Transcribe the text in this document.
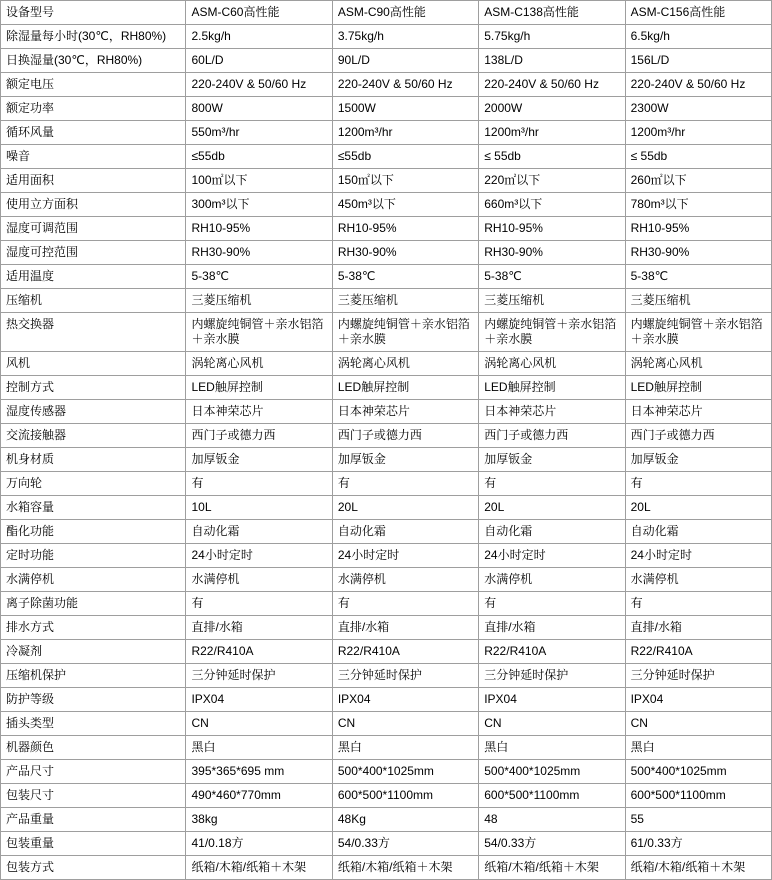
设备型号	ASM-C60高性能	ASM-C90高性能	ASM-C138高性能	ASM-C156高性能
除湿量每小时(30℃，RH80%)	2.5kg/h	3.75kg/h	5.75kg/h	6.5kg/h
日换湿量(30℃，RH80%)	60L/D	90L/D	138L/D	156L/D
额定电压	220-240V & 50/60 Hz	220-240V & 50/60 Hz	220-240V & 50/60 Hz	220-240V & 50/60 Hz
额定功率	800W	1500W	2000W	2300W
循环风量	550m³/hr	1200m³/hr	1200m³/hr	1200m³/hr
噪音	≤55db	≤55db	≤ 55db	≤ 55db
适用面积	100㎡以下	150㎡以下	220㎡以下	260㎡以下
使用立方面积	300m³以下	450m³以下	660m³以下	780m³以下
湿度可调范围	RH10-95%	RH10-95%	RH10-95%	RH10-95%
湿度可控范围	RH30-90%	RH30-90%	RH30-90%	RH30-90%
适用温度	5-38℃	5-38℃	5-38℃	5-38℃
压缩机	三菱压缩机	三菱压缩机	三菱压缩机	三菱压缩机
热交换器	内螺旋纯铜管＋亲水铝箔＋亲水膜	内螺旋纯铜管＋亲水铝箔＋亲水膜	内螺旋纯铜管＋亲水铝箔＋亲水膜	内螺旋纯铜管＋亲水铝箔＋亲水膜
风机	涡轮离心风机	涡轮离心风机	涡轮离心风机	涡轮离心风机
控制方式	LED触屏控制	LED触屏控制	LED触屏控制	LED触屏控制
湿度传感器	日本神荣芯片	日本神荣芯片	日本神荣芯片	日本神荣芯片
交流接触器	西门子或德力西	西门子或德力西	西门子或德力西	西门子或德力西
机身材质	加厚钣金	加厚钣金	加厚钣金	加厚钣金
万向轮	有	有	有	有
水箱容量	10L	20L	20L	20L
酯化功能	自动化霜	自动化霜	自动化霜	自动化霜
定时功能	24小时定时	24小时定时	24小时定时	24小时定时
水满停机	水满停机	水满停机	水满停机	水满停机
离子除菌功能	有	有	有	有
排水方式	直排/水箱	直排/水箱	直排/水箱	直排/水箱
冷凝剂	R22/R410A	R22/R410A	R22/R410A	R22/R410A
压缩机保护	三分钟延时保护	三分钟延时保护	三分钟延时保护	三分钟延时保护
防护等级	IPX04	IPX04	IPX04	IPX04
插头类型	CN	CN	CN	CN
机器颜色	黑白	黑白	黑白	黑白
产品尺寸	395*365*695 mm	500*400*1025mm	500*400*1025mm	500*400*1025mm
包装尺寸	490*460*770mm	600*500*1100mm	600*500*1100mm	600*500*1100mm
产品重量	38kg	48Kg	48	55
包装重量	41/0.18方	54/0.33方	54/0.33方	61/0.33方
包装方式	纸箱/木箱/纸箱＋木架	纸箱/木箱/纸箱＋木架	纸箱/木箱/纸箱＋木架	纸箱/木箱/纸箱＋木架
